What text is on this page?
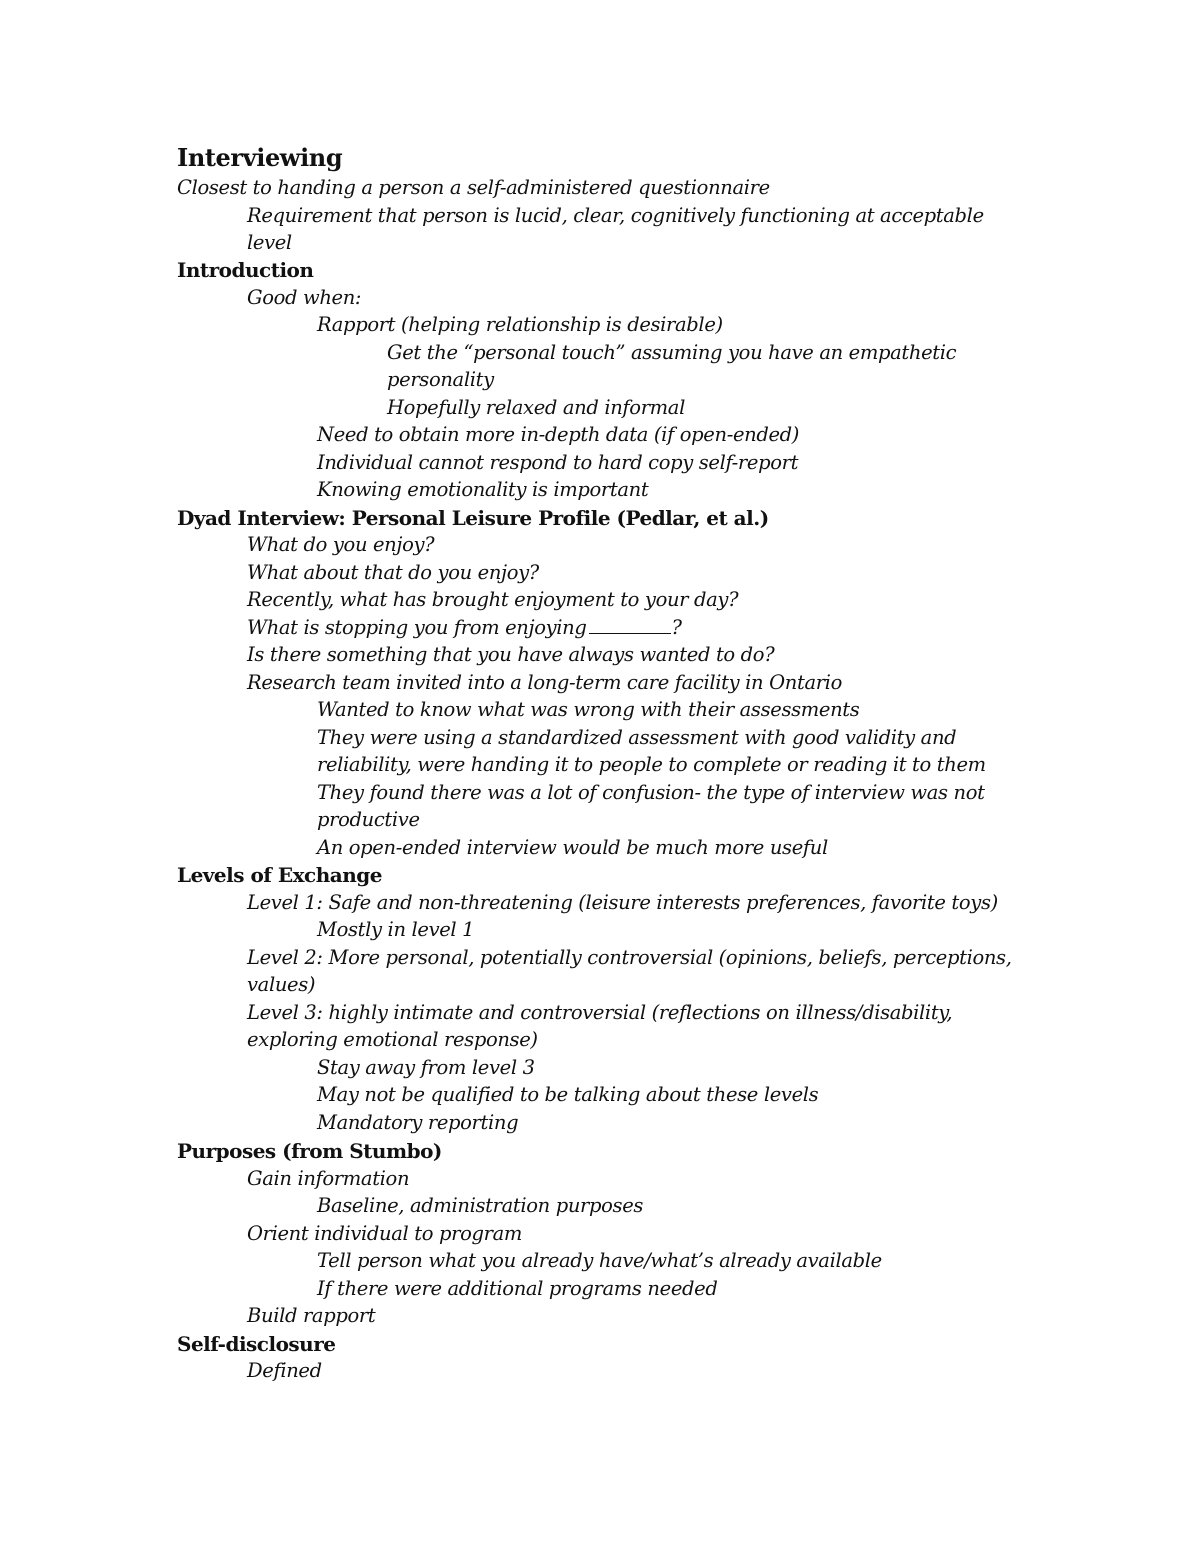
Interviewing
Closest to handing a person a self-administered questionnaire
Requirement that person is lucid, clear, cognitively functioning at acceptable
level
Introduction
Good when:
Rapport (helping relationship is desirable)
Get the “personal touch” assuming you have an empathetic
personality
Hopefully relaxed and informal
Need to obtain more in-depth data (if open-ended)
Individual cannot respond to hard copy self-report
Knowing emotionality is important
Dyad Interview: Personal Leisure Profile (Pedlar, et al.)
What do you enjoy?
What about that do you enjoy?
Recently, what has brought enjoyment to your day?
What is stopping you from enjoying	?
Is there something that you have always wanted to do?
Research team invited into a long-term care facility in Ontario
Wanted to know what was wrong with their assessments
They were using a standardized assessment with good validity and
reliability, were handing it to people to complete or reading it to them
They found there was a lot of confusion- the type of interview was not
productive
An open-ended interview would be much more useful
Levels of Exchange
Level 1: Safe and non-threatening (leisure interests preferences, favorite toys)
Mostly in level 1
Level 2: More personal, potentially controversial (opinions, beliefs, perceptions,
values)
Level 3: highly intimate and controversial (reflections on illness/disability,
exploring emotional response)
Stay away from level 3
May not be qualified to be talking about these levels
Mandatory reporting
Purposes (from Stumbo)
Gain information
Baseline, administration purposes
Orient individual to program
Tell person what you already have/what’s already available
If there were additional programs needed
Build rapport
Self-disclosure
Defined
